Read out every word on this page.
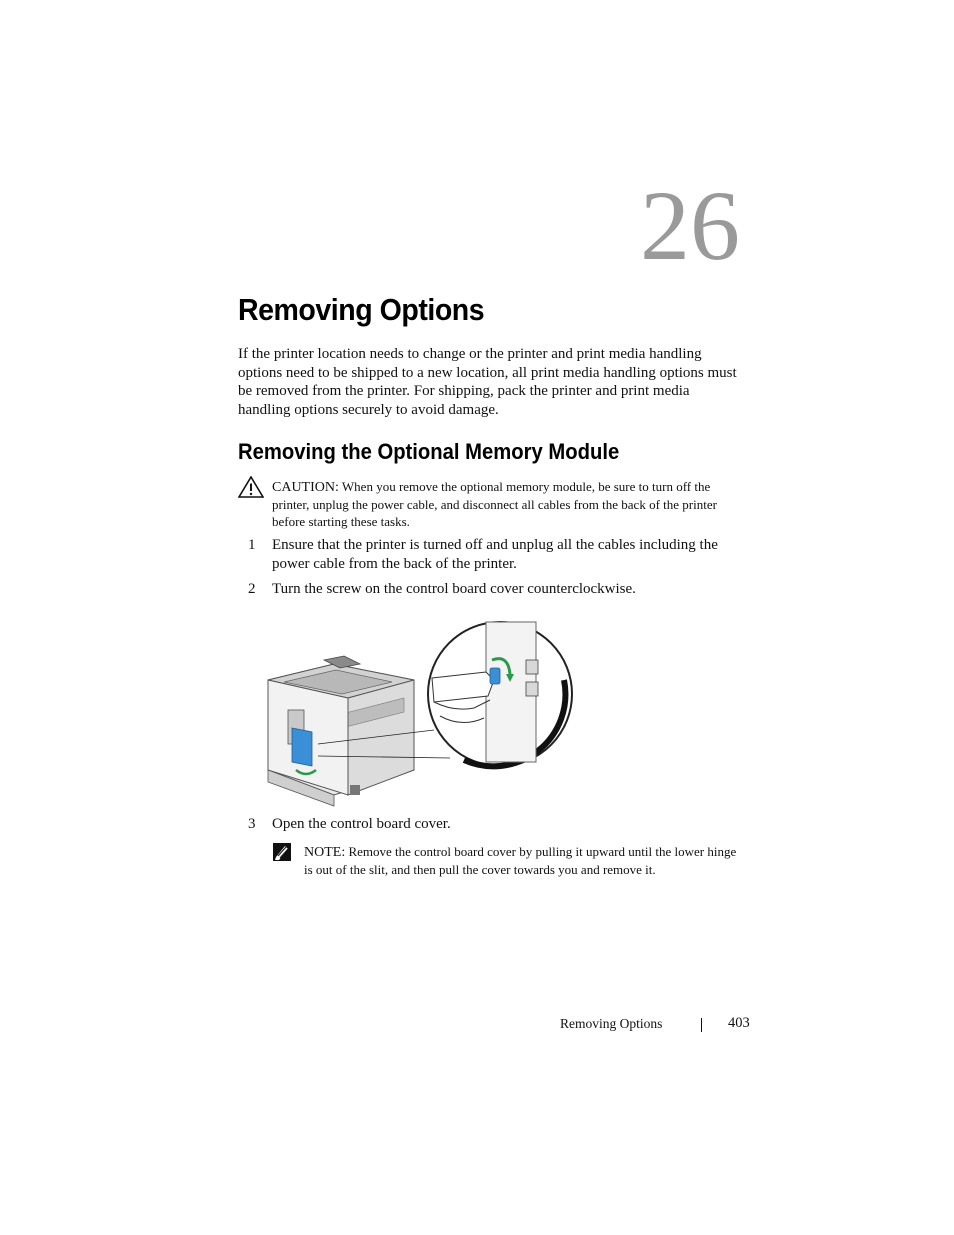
26
Removing Options
If the printer location needs to change or the printer and print media handling options need to be shipped to a new location, all print media handling options must be removed from the printer. For shipping, pack the printer and print media handling options securely to avoid damage.
Removing the Optional Memory Module
CAUTION: When you remove the optional memory module, be sure to turn off the printer, unplug the power cable, and disconnect all cables from the back of the printer before starting these tasks.
1	Ensure that the printer is turned off and unplug all the cables including the power cable from the back of the printer.
2	Turn the screw on the control board cover counterclockwise.
3	Open the control board cover.
NOTE: Remove the control board cover by pulling it upward until the lower hinge is out of the slit, and then pull the cover towards you and remove it.
Removing Options	403
